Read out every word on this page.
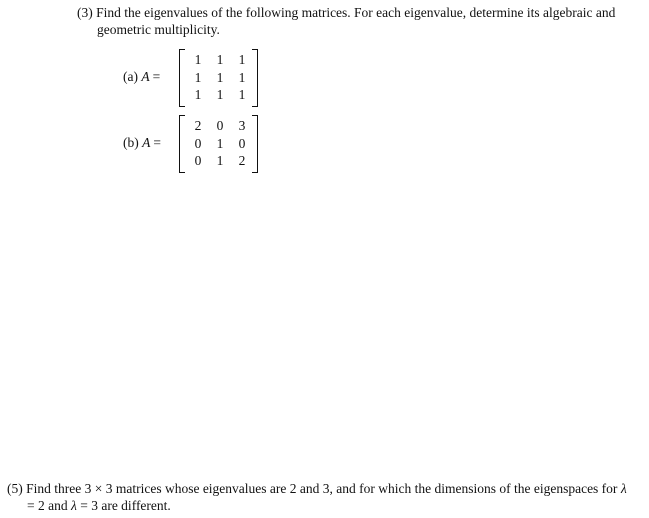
(3) Find the eigenvalues of the following matrices. For each eigenvalue, determine its algebraic and geometric multiplicity.
(a) A =
1	1	1
1	1	1
1	1	1
(b) A =
2	0	3
0	1	0
0	1	2
(5) Find three 3 × 3 matrices whose eigenvalues are 2 and 3, and for which the dimensions of the eigenspaces for λ = 2 and λ = 3 are different.
